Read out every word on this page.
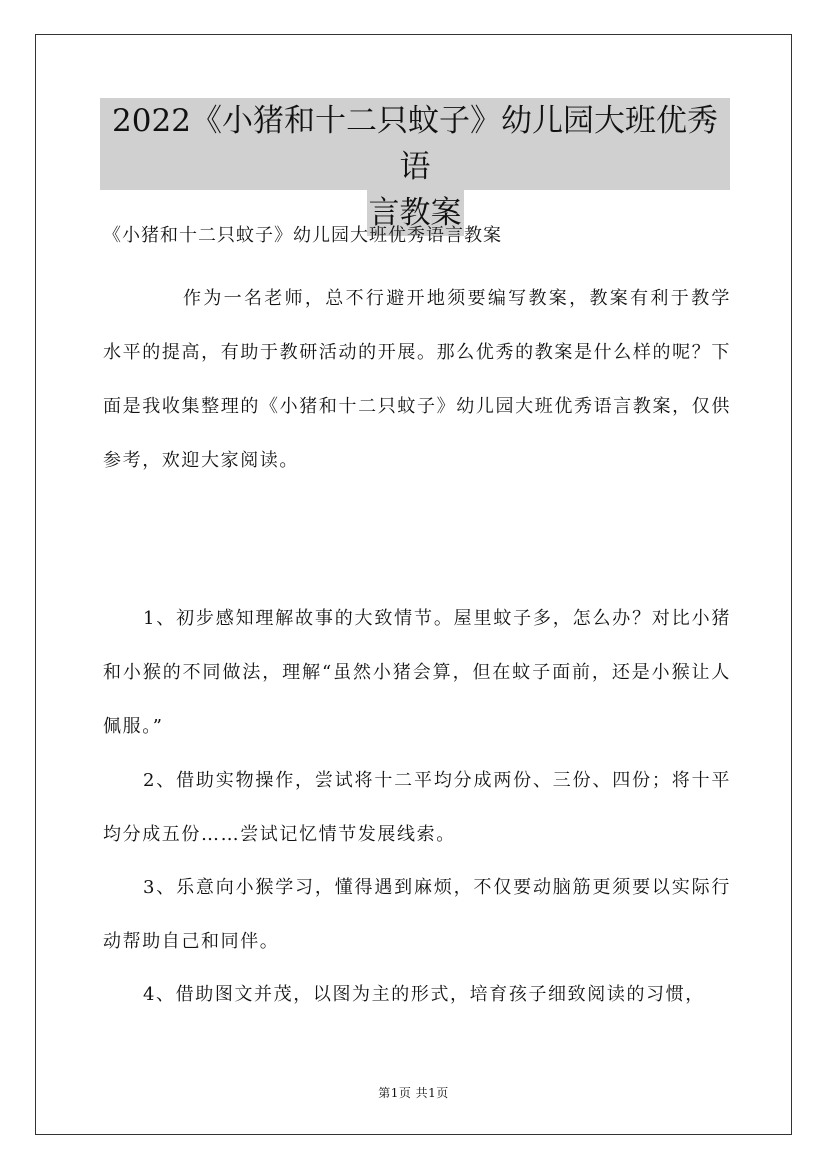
2022《小猪和十二只蚊子》幼儿园大班优秀语
言教案
《小猪和十二只蚊子》幼儿园大班优秀语言教案
作为一名老师，总不行避开地须要编写教案，教案有利于教学水平的提高，有助于教研活动的开展。那么优秀的教案是什么样的呢？下面是我收集整理的《小猪和十二只蚊子》幼儿园大班优秀语言教案，仅供参考，欢迎大家阅读。
1、初步感知理解故事的大致情节。屋里蚊子多，怎么办？对比小猪和小猴的不同做法，理解“虽然小猪会算，但在蚊子面前，还是小猴让人佩服。”
2、借助实物操作，尝试将十二平均分成两份、三份、四份；将十平均分成五份……尝试记忆情节发展线索。
3、乐意向小猴学习，懂得遇到麻烦，不仅要动脑筋更须要以实际行动帮助自己和同伴。
4、借助图文并茂，以图为主的形式，培育孩子细致阅读的习惯，
第1页 共1页
